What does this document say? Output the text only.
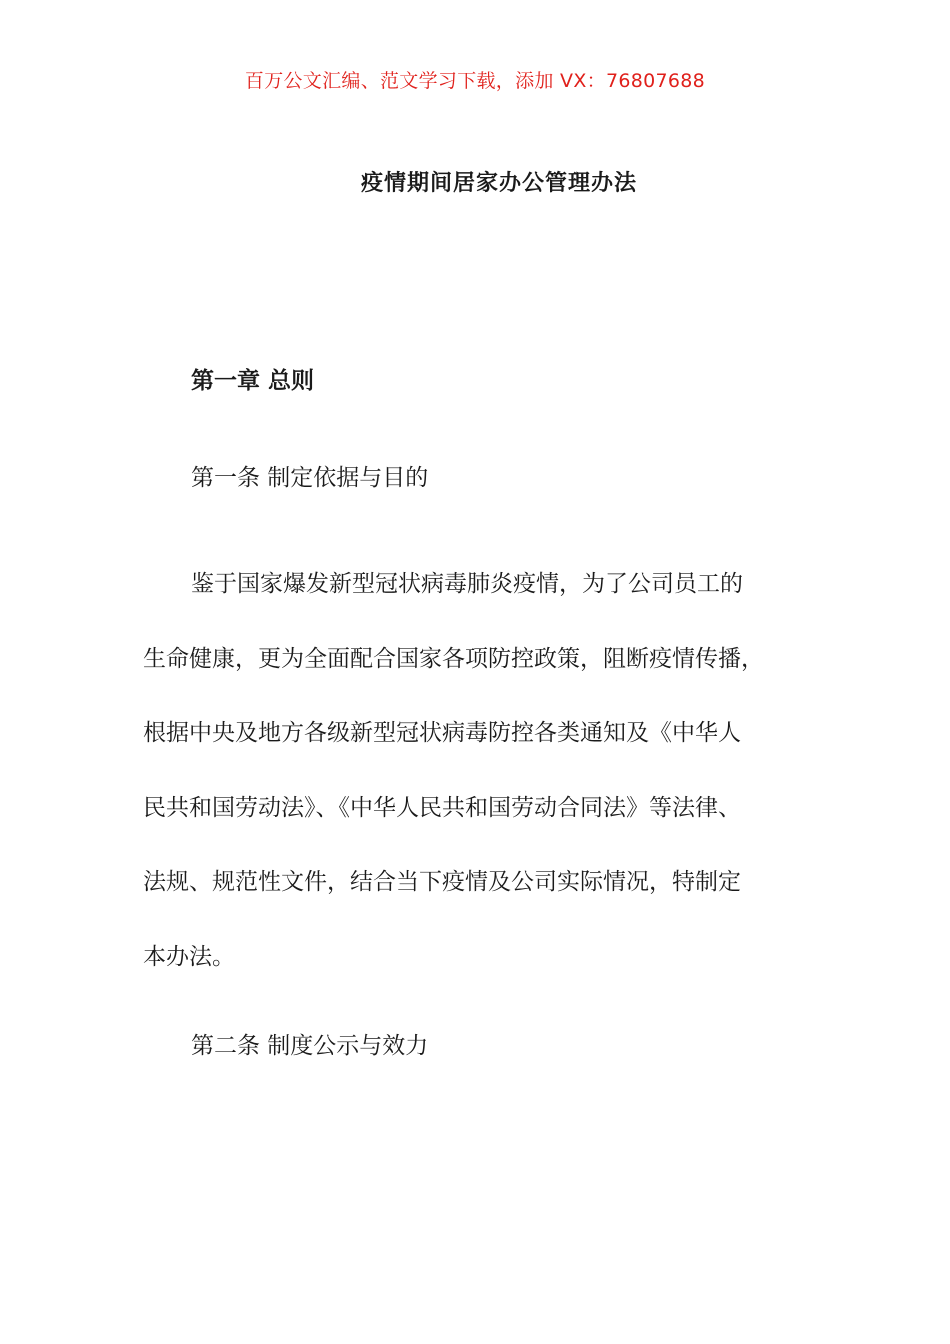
百万公文汇编、范文学习下载，添加 VX：76807688
疫情期间居家办公管理办法
第一章 总则
第一条 制定依据与目的
鉴于国家爆发新型冠状病毒肺炎疫情，为了公司员工的
生命健康，更为全面配合国家各项防控政策，阻断疫情传播，
根据中央及地方各级新型冠状病毒防控各类通知及《中华人
民共和国劳动法》、《中华人民共和国劳动合同法》等法律、
法规、规范性文件，结合当下疫情及公司实际情况，特制定
本办法。
第二条 制度公示与效力
